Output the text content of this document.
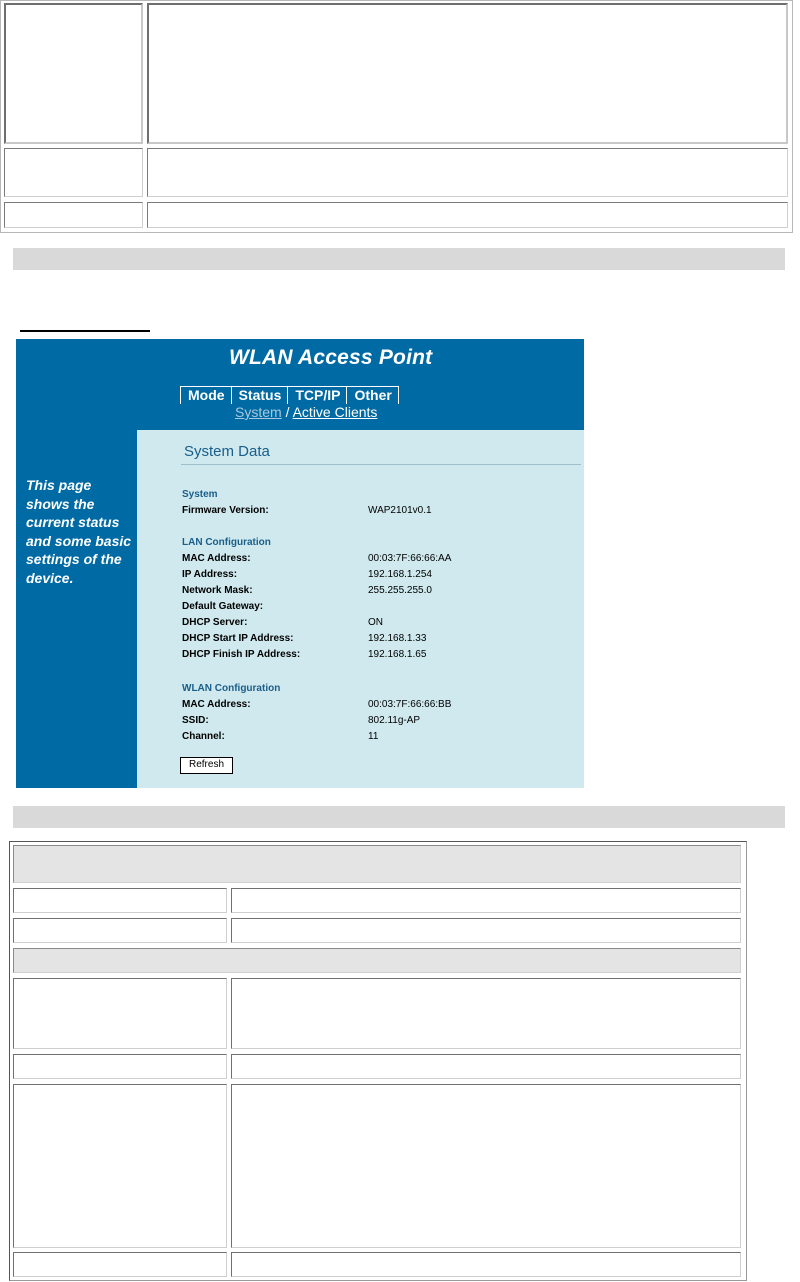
WLAN Access Point
Mode	Status	TCP/IP	Other
System / Active Clients
This page shows the current status and some basic settings of the device.
System Data
System
Firmware Version:	WAP2101v0.1
LAN Configuration
MAC Address:	00:03:7F:66:66:AA
IP Address:	192.168.1.254
Network Mask:	255.255.255.0
Default Gateway:
DHCP Server:	ON
DHCP Start IP Address:	192.168.1.33
DHCP Finish IP Address:	192.168.1.65
WLAN Configuration
MAC Address:	00:03:7F:66:66:BB
SSID:	802.11g-AP
Channel:	11
Refresh
